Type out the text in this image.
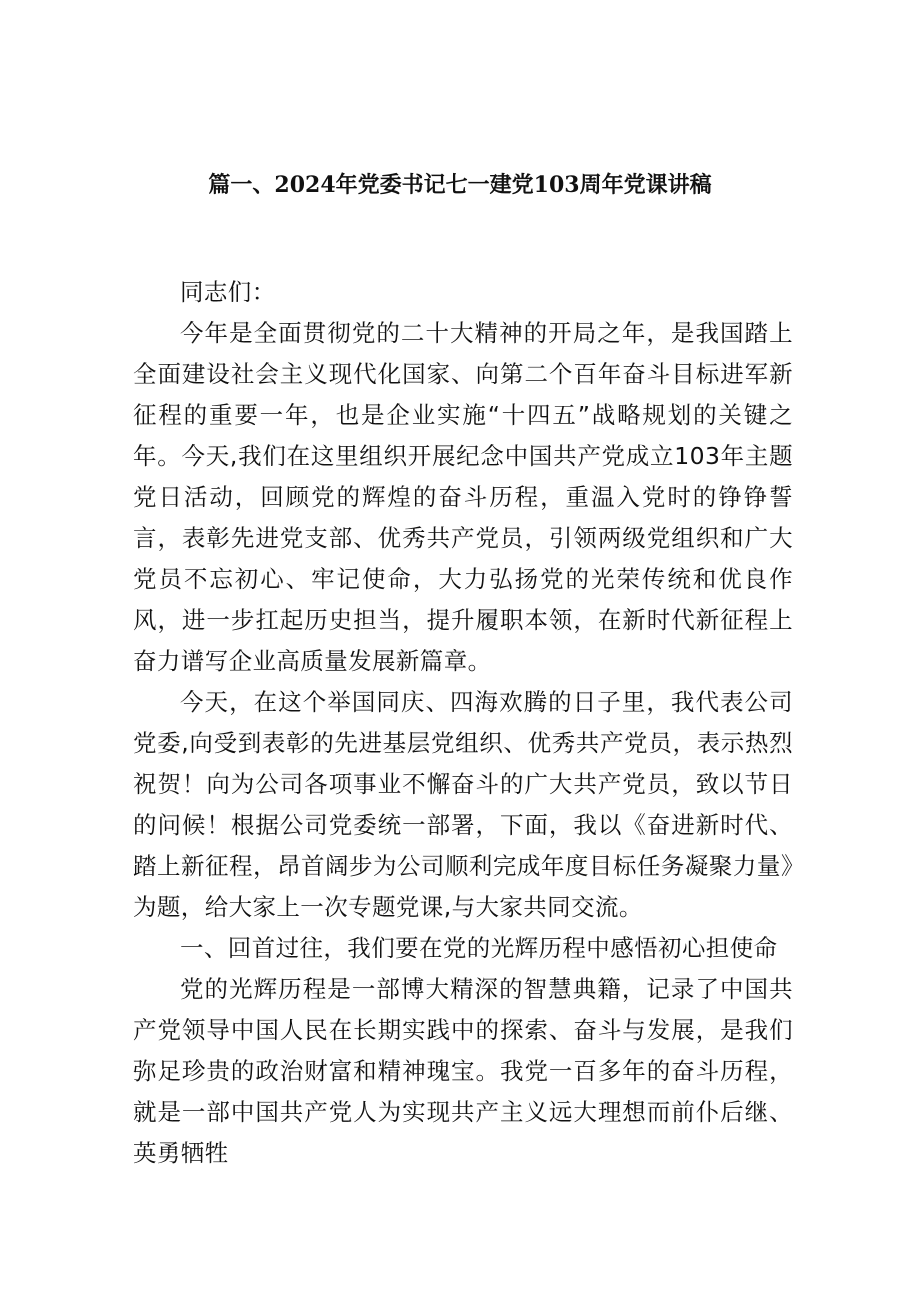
篇一、2024年党委书记七一建党103周年党课讲稿

同志们：

今年是全面贯彻党的二十大精神的开局之年，是我国踏上全面建设社会主义现代化国家、向第二个百年奋斗目标进军新征程的重要一年，也是企业实施“十四五”战略规划的关键之年。今天,我们在这里组织开展纪念中国共产党成立103年主题党日活动，回顾党的辉煌的奋斗历程，重温入党时的铮铮誓言，表彰先进党支部、优秀共产党员，引领两级党组织和广大党员不忘初心、牢记使命，大力弘扬党的光荣传统和优良作风，进一步扛起历史担当，提升履职本领，在新时代新征程上奋力谱写企业高质量发展新篇章。

今天，在这个举国同庆、四海欢腾的日子里，我代表公司党委,向受到表彰的先进基层党组织、优秀共产党员，表示热烈祝贺！向为公司各项事业不懈奋斗的广大共产党员，致以节日的问候！根据公司党委统一部署，下面，我以《奋进新时代、踏上新征程，昂首阔步为公司顺利完成年度目标任务凝聚力量》为题，给大家上一次专题党课,与大家共同交流。

一、回首过往，我们要在党的光辉历程中感悟初心担使命

党的光辉历程是一部博大精深的智慧典籍，记录了中国共产党领导中国人民在长期实践中的探索、奋斗与发展，是我们弥足珍贵的政治财富和精神瑰宝。我党一百多年的奋斗历程，就是一部中国共产党人为实现共产主义远大理想而前仆后继、英勇牺牲
